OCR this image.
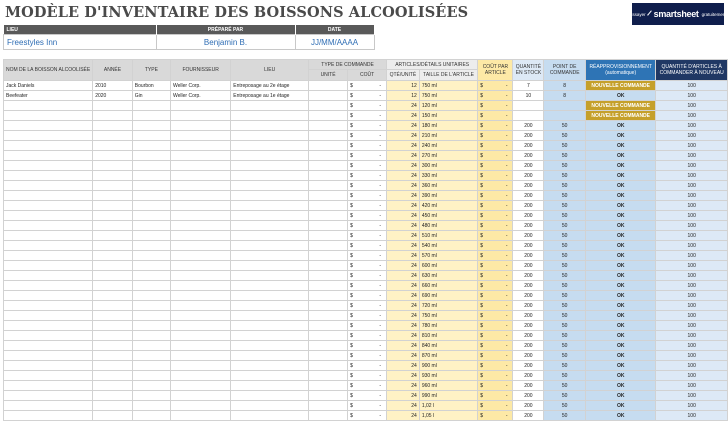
MODÈLE D'INVENTAIRE DES BOISSONS ALCOOLISÉES	Essayer smartsheet gratuitement
LIEU	PRÉPARÉ PAR	DATE
Freestyles Inn	Benjamin B.	JJ/MM/AAAA
NOM DE LA BOISSON ALCOOLISÉE	ANNÉE	TYPE	FOURNISSEUR	LIEU	TYPE DE COMMANDE		ARTICLES/DÉTAILS UNITAIRES		COÛT PAR ARTICLE	QUANTITÉ EN STOCK	POINT DE COMMANDE	RÉAPPROVISIONNEMENT (automatique)	QUANTITÉ D'ARTICLES À COMMANDER À NOUVEAU
					UNITÉ	COÛT	QTÉ/UNITÉ	TAILLE DE L'ARTICLE					
Jack Daniels	2010	Bourbon	Weller Corp.	Entreposage au 2e étage		$ -	12	750 ml	$ -	7	8	NOUVELLE COMMANDE	100
Beefeater	2020	Gin	Weller Corp.	Entreposage au 1e étage		$ -	12	750 ml	$ -	10	8	OK	100

						$ -	24	120 ml	$ -			NOUVELLE COMMANDE	100

						$ -	24	150 ml	$ -			NOUVELLE COMMANDE	100

						$ -	24	180 ml	$ -	200	50	OK	100

						$ -	24	210 ml	$ -	200	50	OK	100

						$ -	24	240 ml	$ -	200	50	OK	100

						$ -	24	270 ml	$ -	200	50	OK	100

						$ -	24	300 ml	$ -	200	50	OK	100

						$ -	24	330 ml	$ -	200	50	OK	100

						$ -	24	360 ml	$ -	200	50	OK	100

						$ -	24	390 ml	$ -	200	50	OK	100

						$ -	24	420 ml	$ -	200	50	OK	100

						$ -	24	450 ml	$ -	200	50	OK	100

						$ -	24	480 ml	$ -	200	50	OK	100

						$ -	24	510 ml	$ -	200	50	OK	100

						$ -	24	540 ml	$ -	200	50	OK	100

						$ -	24	570 ml	$ -	200	50	OK	100

						$ -	24	600 ml	$ -	200	50	OK	100

						$ -	24	630 ml	$ -	200	50	OK	100

						$ -	24	660 ml	$ -	200	50	OK	100

						$ -	24	690 ml	$ -	200	50	OK	100

						$ -	24	720 ml	$ -	200	50	OK	100

						$ -	24	750 ml	$ -	200	50	OK	100

						$ -	24	780 ml	$ -	200	50	OK	100

						$ -	24	810 ml	$ -	200	50	OK	100

						$ -	24	840 ml	$ -	200	50	OK	100

						$ -	24	870 ml	$ -	200	50	OK	100

						$ -	24	900 ml	$ -	200	50	OK	100

						$ -	24	930 ml	$ -	200	50	OK	100

						$ -	24	960 ml	$ -	200	50	OK	100

						$ -	24	990 ml	$ -	200	50	OK	100

						$ -	24	1,02 l	$ -	200	50	OK	100

						$ -	24	1,05 l	$ -	200	50	OK	100
